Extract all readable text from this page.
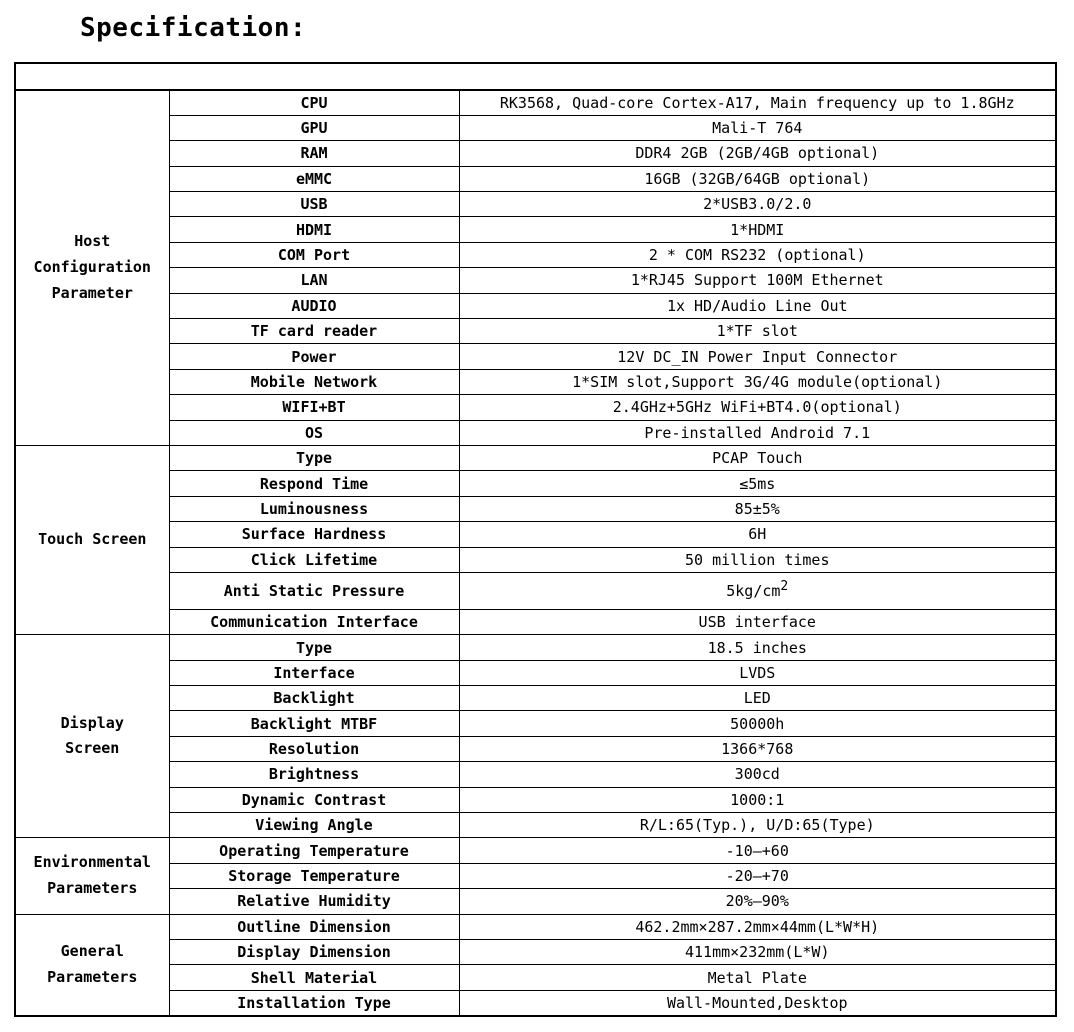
Specification:

Host
Configuration
Parameter	CPU	RK3568, Quad-core Cortex-A17, Main frequency up to 1.8GHz
	GPU	Mali-T 764
	RAM	DDR4 2GB (2GB/4GB optional)
	eMMC	16GB (32GB/64GB optional)
	USB	2*USB3.0/2.0
	HDMI	1*HDMI
	COM Port	2 * COM RS232 (optional)
	LAN	1*RJ45 Support 100M Ethernet
	AUDIO	1x HD/Audio Line Out
	TF card reader	1*TF slot
	Power	12V DC_IN Power Input Connector
	Mobile Network	1*SIM slot,Support 3G/4G module(optional)
	WIFI+BT	2.4GHz+5GHz WiFi+BT4.0(optional)
	OS	Pre-installed Android 7.1
Touch Screen	Type	PCAP Touch
	Respond Time	≤5ms
	Luminousness	85±5%
	Surface Hardness	6H
	Click Lifetime	50 million times
	Anti Static Pressure	$5kg/cm^2$
	Communication Interface	USB interface
Display
Screen	Type	18.5 inches
	Interface	LVDS
	Backlight	LED
	Backlight MTBF	50000h
	Resolution	1366*768
	Brightness	300cd
	Dynamic Contrast	1000:1
	Viewing Angle	R/L:65(Typ.), U/D:65(Type)
Environmental
Parameters	Operating Temperature	-10—+60
	Storage Temperature	-20—+70
	Relative Humidity	20%—90%
General
Parameters	Outline Dimension	462.2mm×287.2mm×44mm(L*W*H)
	Display Dimension	411mm×232mm(L*W)
	Shell Material	Metal Plate
	Installation Type	Wall-Mounted,Desktop
